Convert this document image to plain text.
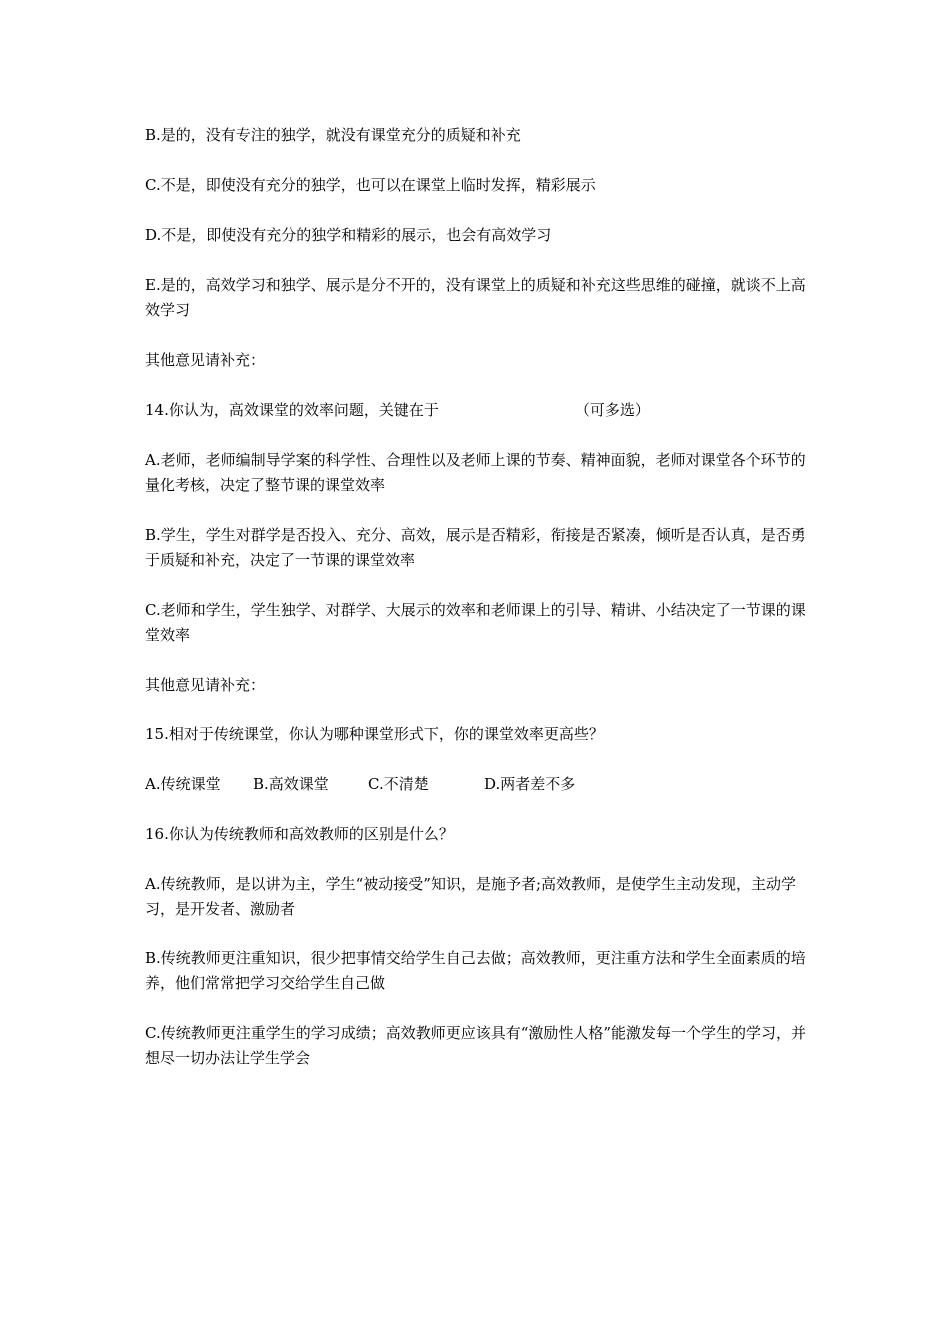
B.是的，没有专注的独学，就没有课堂充分的质疑和补充

C.不是，即使没有充分的独学，也可以在课堂上临时发挥，精彩展示

D.不是，即使没有充分的独学和精彩的展示，也会有高效学习

E.是的，高效学习和独学、展示是分不开的，没有课堂上的质疑和补充这些思维的碰撞，就谈不上高效学习

其他意见请补充：

14.你认为，高效课堂的效率问题，关键在于	（可多选）

A.老师，老师编制导学案的科学性、合理性以及老师上课的节奏、精神面貌，老师对课堂各个环节的量化考核，决定了整节课的课堂效率

B.学生，学生对群学是否投入、充分、高效，展示是否精彩，衔接是否紧凑，倾听是否认真，是否勇于质疑和补充，决定了一节课的课堂效率

C.老师和学生，学生独学、对群学、大展示的效率和老师课上的引导、精讲、小结决定了一节课的课堂效率

其他意见请补充：

15.相对于传统课堂，你认为哪种课堂形式下，你的课堂效率更高些？

A.传统课堂 B.高效课堂	C.不清楚	D.两者差不多

16.你认为传统教师和高效教师的区别是什么？

A.传统教师，是以讲为主，学生“被动接受”知识，是施予者;高效教师，是使学生主动发现，主动学习，是开发者、激励者

B.传统教师更注重知识，很少把事情交给学生自己去做；高效教师，更注重方法和学生全面素质的培养，他们常常把学习交给学生自己做

C.传统教师更注重学生的学习成绩；高效教师更应该具有“激励性人格”能激发每一个学生的学习，并想尽一切办法让学生学会
